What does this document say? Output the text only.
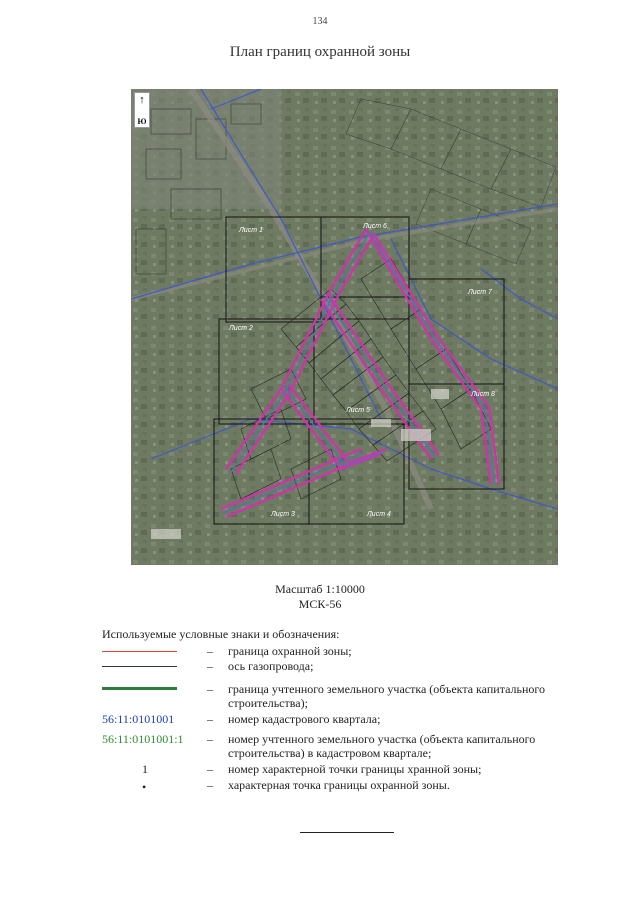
134
План границ охранной зоны
Лист 1
Лист 6
Лист 7
Лист 2
Лист 5
Лист 8
Лист 3	Лист 4
↑
Ю
Масштаб 1:10000
МСК-56
Используемые условные знаки и обозначения:
– граница охранной зоны;
– ось газопровода;
– граница учтенного земельного участка (объекта капитального строительства);
56:11:0101001	– номер кадастрового квартала;
56:11:0101001:1 – номер учтенного земельного участка (объекта капитального строительства) в кадастровом квартале;
1	– номер характерной точки границы хранной зоны;
•	– характерная точка границы охранной зоны.
